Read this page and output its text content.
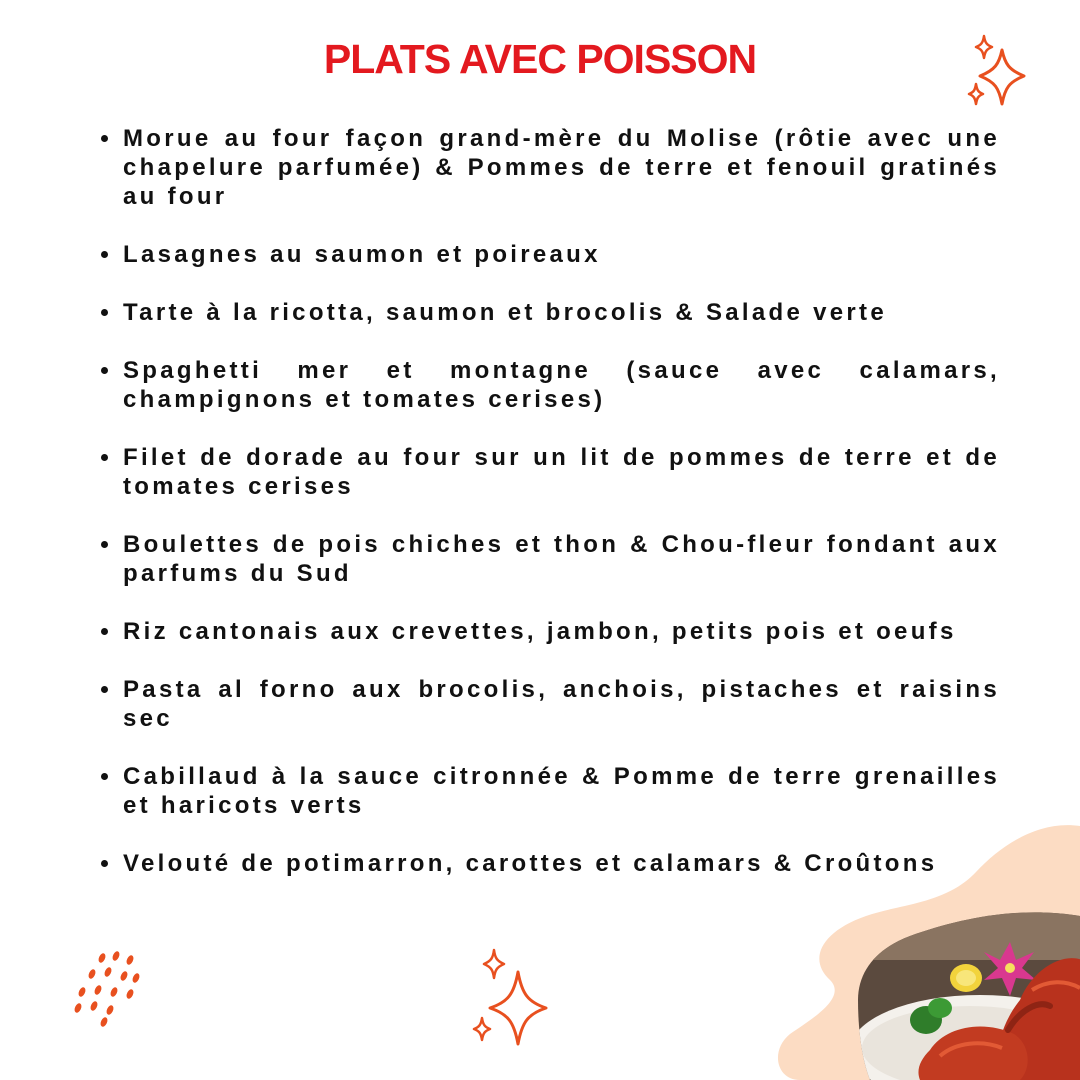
PLATS AVEC POISSON
Morue au four façon grand-mère du Molise (rôtie avec une chapelure parfumée) & Pommes de terre et fenouil gratinés au four
Lasagnes au saumon et poireaux
Tarte à la ricotta, saumon et brocolis & Salade verte
Spaghetti mer et montagne (sauce avec calamars, champignons et tomates cerises)
Filet de dorade au four sur un lit de pommes de terre et de tomates cerises
Boulettes de pois chiches et thon & Chou-fleur fondant aux parfums du Sud
Riz cantonais aux crevettes, jambon, petits pois et oeufs
Pasta al forno aux brocolis, anchois, pistaches et raisins sec
Cabillaud à la sauce citronnée & Pomme de terre grenailles et haricots verts
Velouté de potimarron, carottes et calamars & Croûtons
